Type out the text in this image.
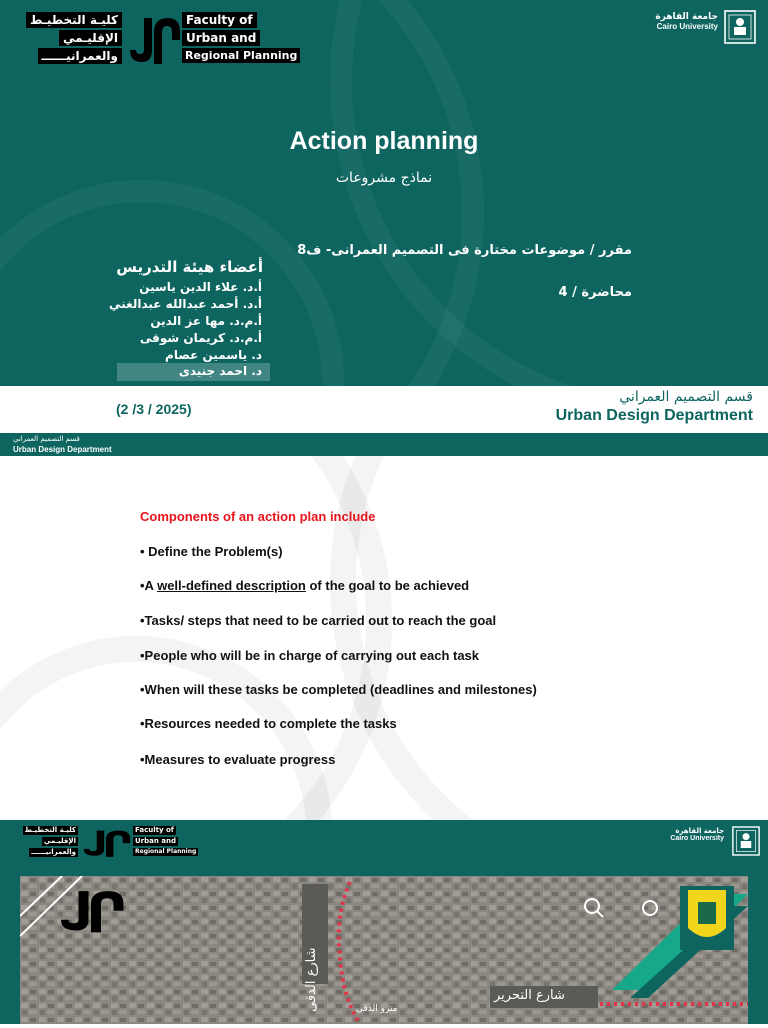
كليـة التخطيـط
الإقليـمي
والعمرانيــــــ
Faculty of
Urban and
Regional Planning
جامعة القاهرة
Cairo University
Action planning
نماذج مشروعات
مقرر / موضوعات مختارة فى التصميم العمرانى- ف8
محاضرة / 4
أعضاء هيئة التدريس
أ.د. علاء الدين ياسين
أ.د. أحمد عبدالله عبدالغني
أ.م.د. مها عز الدين
أ.م.د. كريمان شوقى
د. ياسمين عصام
د. احمد جنيدى
(2 /3 / 2025)
قسم التصميم العمراني
Urban Design Department
قسم التصميم العمراني
Urban Design Department
Components of an action plan include
• Define the Problem(s)
•A well-defined description of the goal to be achieved
•Tasks/ steps that need to be carried out to reach the goal
•People who will be in charge of carrying out each task
•When will these tasks be completed (deadlines and milestones)
•Resources needed to complete the tasks
•Measures to evaluate progress
كليـة التخطيـط
الإقليـمي
والعمرانيــــــ
Faculty of
Urban and
Regional Planning
جامعة القاهرة
Cairo University
شارع الدقى	شارع التحرير
مترو الدقى
